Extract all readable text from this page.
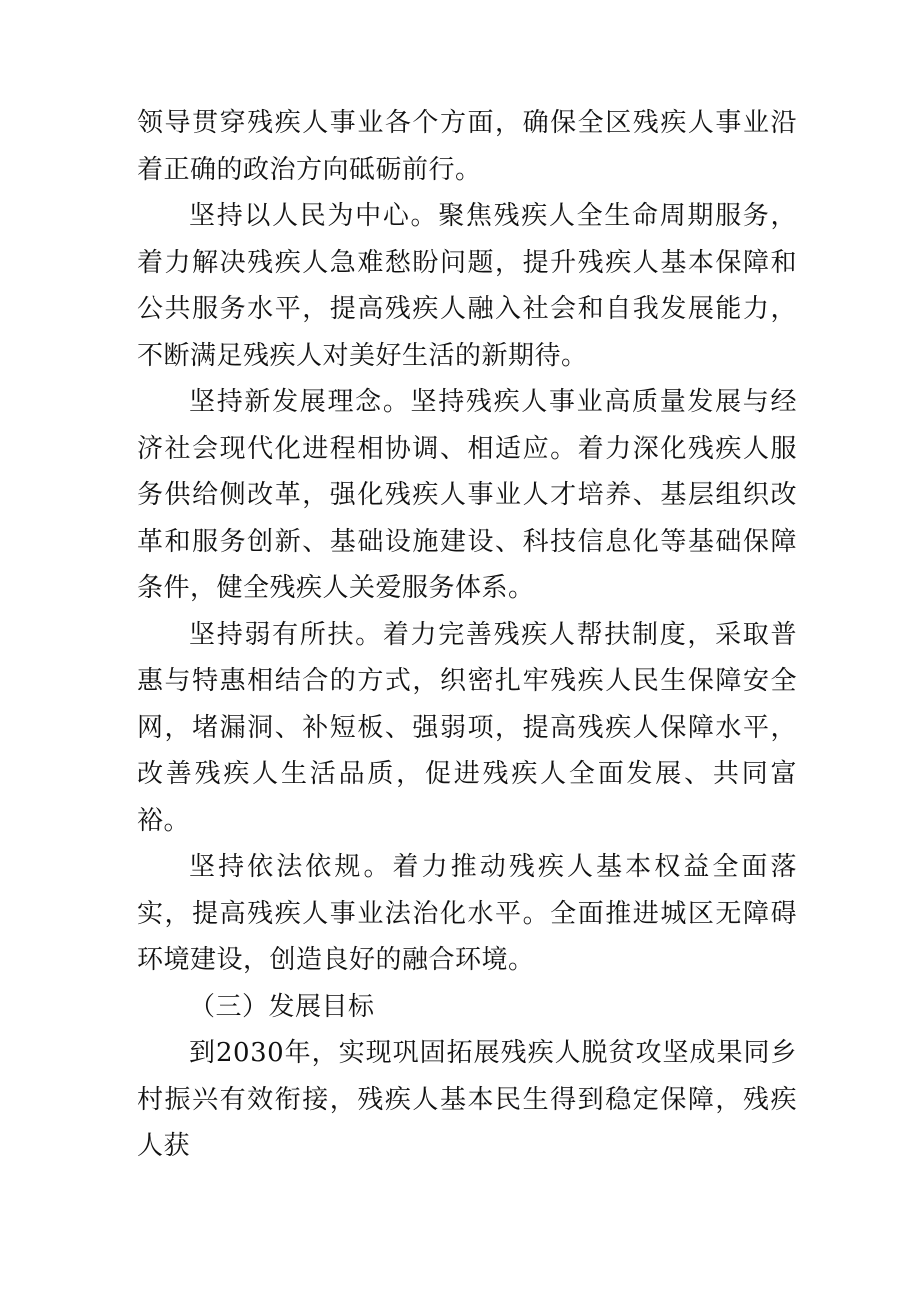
领导贯穿残疾人事业各个方面，确保全区残疾人事业沿着正确的政治方向砥砺前行。

坚持以人民为中心。聚焦残疾人全生命周期服务，着力解决残疾人急难愁盼问题，提升残疾人基本保障和公共服务水平，提高残疾人融入社会和自我发展能力，不断满足残疾人对美好生活的新期待。

坚持新发展理念。坚持残疾人事业高质量发展与经济社会现代化进程相协调、相适应。着力深化残疾人服务供给侧改革，强化残疾人事业人才培养、基层组织改革和服务创新、基础设施建设、科技信息化等基础保障条件，健全残疾人关爱服务体系。

坚持弱有所扶。着力完善残疾人帮扶制度，采取普惠与特惠相结合的方式，织密扎牢残疾人民生保障安全网，堵漏洞、补短板、强弱项，提高残疾人保障水平，改善残疾人生活品质，促进残疾人全面发展、共同富裕。

坚持依法依规。着力推动残疾人基本权益全面落实，提高残疾人事业法治化水平。全面推进城区无障碍环境建设，创造良好的融合环境。

（三）发展目标

到2030年，实现巩固拓展残疾人脱贫攻坚成果同乡村振兴有效衔接，残疾人基本民生得到稳定保障，残疾人获
